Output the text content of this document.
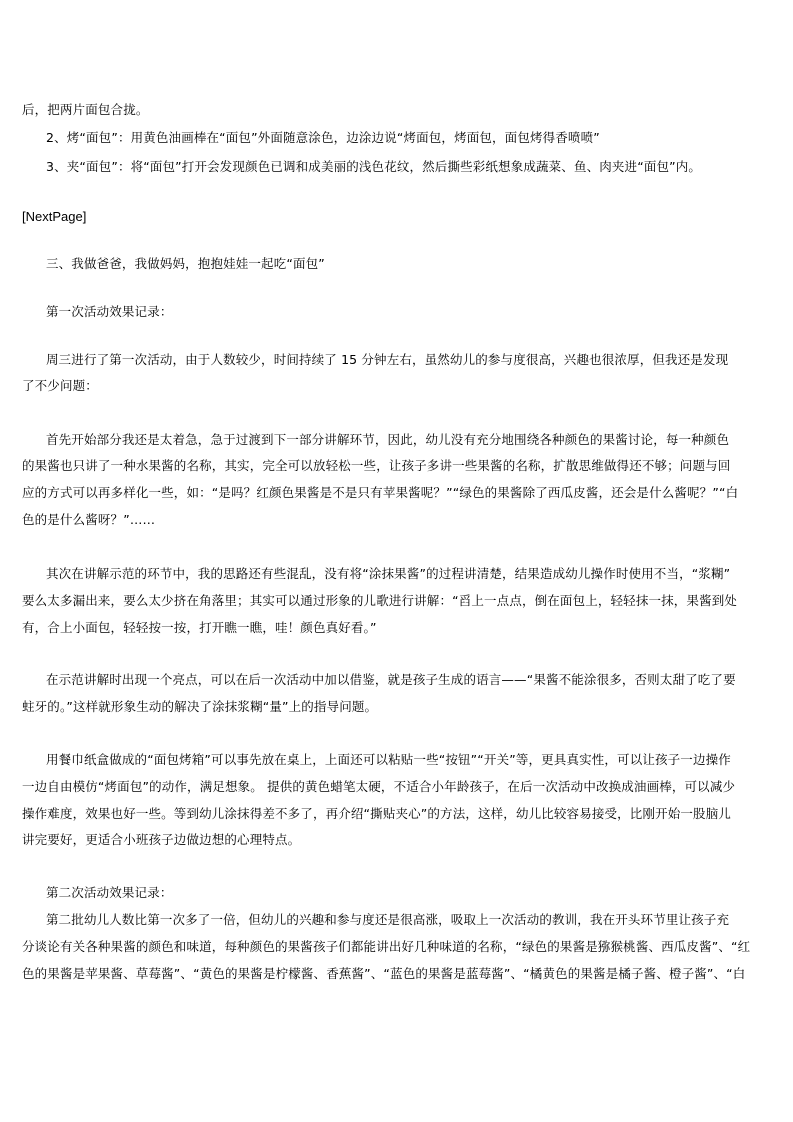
后，把两片面包合拢。
2、烤“面包”：用黄色油画棒在“面包”外面随意涂色，边涂边说“烤面包，烤面包，面包烤得香喷喷”
3、夹“面包”：将“面包”打开会发现颜色已调和成美丽的浅色花纹，然后撕些彩纸想象成蔬菜、鱼、肉夹进“面包”内。
[NextPage]
三、我做爸爸，我做妈妈，抱抱娃娃一起吃“面包”
第一次活动效果记录：
周三进行了第一次活动，由于人数较少，时间持续了 15 分钟左右，虽然幼儿的参与度很高，兴趣也很浓厚，但我还是发现
了不少问题：
首先开始部分我还是太着急，急于过渡到下一部分讲解环节，因此，幼儿没有充分地围绕各种颜色的果酱讨论，每一种颜色
的果酱也只讲了一种水果酱的名称，其实，完全可以放轻松一些，让孩子多讲一些果酱的名称，扩散思维做得还不够；问题与回
应的方式可以再多样化一些，如：“是吗？红颜色果酱是不是只有苹果酱呢？”“绿色的果酱除了西瓜皮酱，还会是什么酱呢？”“白
色的是什么酱呀？”……
其次在讲解示范的环节中，我的思路还有些混乱，没有将“涂抹果酱”的过程讲清楚，结果造成幼儿操作时使用不当，“浆糊”
要么太多漏出来，要么太少挤在角落里；其实可以通过形象的儿歌进行讲解：“舀上一点点，倒在面包上，轻轻抹一抹，果酱到处
有，合上小面包，轻轻按一按，打开瞧一瞧，哇！颜色真好看。”
在示范讲解时出现一个亮点，可以在后一次活动中加以借鉴，就是孩子生成的语言——“果酱不能涂很多，否则太甜了吃了要
蛀牙的。”这样就形象生动的解决了涂抹浆糊“量”上的指导问题。
用餐巾纸盒做成的“面包烤箱”可以事先放在桌上，上面还可以粘贴一些“按钮”“开关”等，更具真实性，可以让孩子一边操作
一边自由模仿“烤面包”的动作，满足想象。 提供的黄色蜡笔太硬，不适合小年龄孩子，在后一次活动中改换成油画棒，可以减少
操作难度，效果也好一些。等到幼儿涂抹得差不多了，再介绍“撕贴夹心”的方法，这样，幼儿比较容易接受，比刚开始一股脑儿
讲完要好，更适合小班孩子边做边想的心理特点。
第二次活动效果记录：
第二批幼儿人数比第一次多了一倍，但幼儿的兴趣和参与度还是很高涨，吸取上一次活动的教训，我在开头环节里让孩子充
分谈论有关各种果酱的颜色和味道，每种颜色的果酱孩子们都能讲出好几种味道的名称，“绿色的果酱是猕猴桃酱、西瓜皮酱”、“红
色的果酱是苹果酱、草莓酱”、“黄色的果酱是柠檬酱、香蕉酱”、“蓝色的果酱是蓝莓酱”、“橘黄色的果酱是橘子酱、橙子酱”、“白
